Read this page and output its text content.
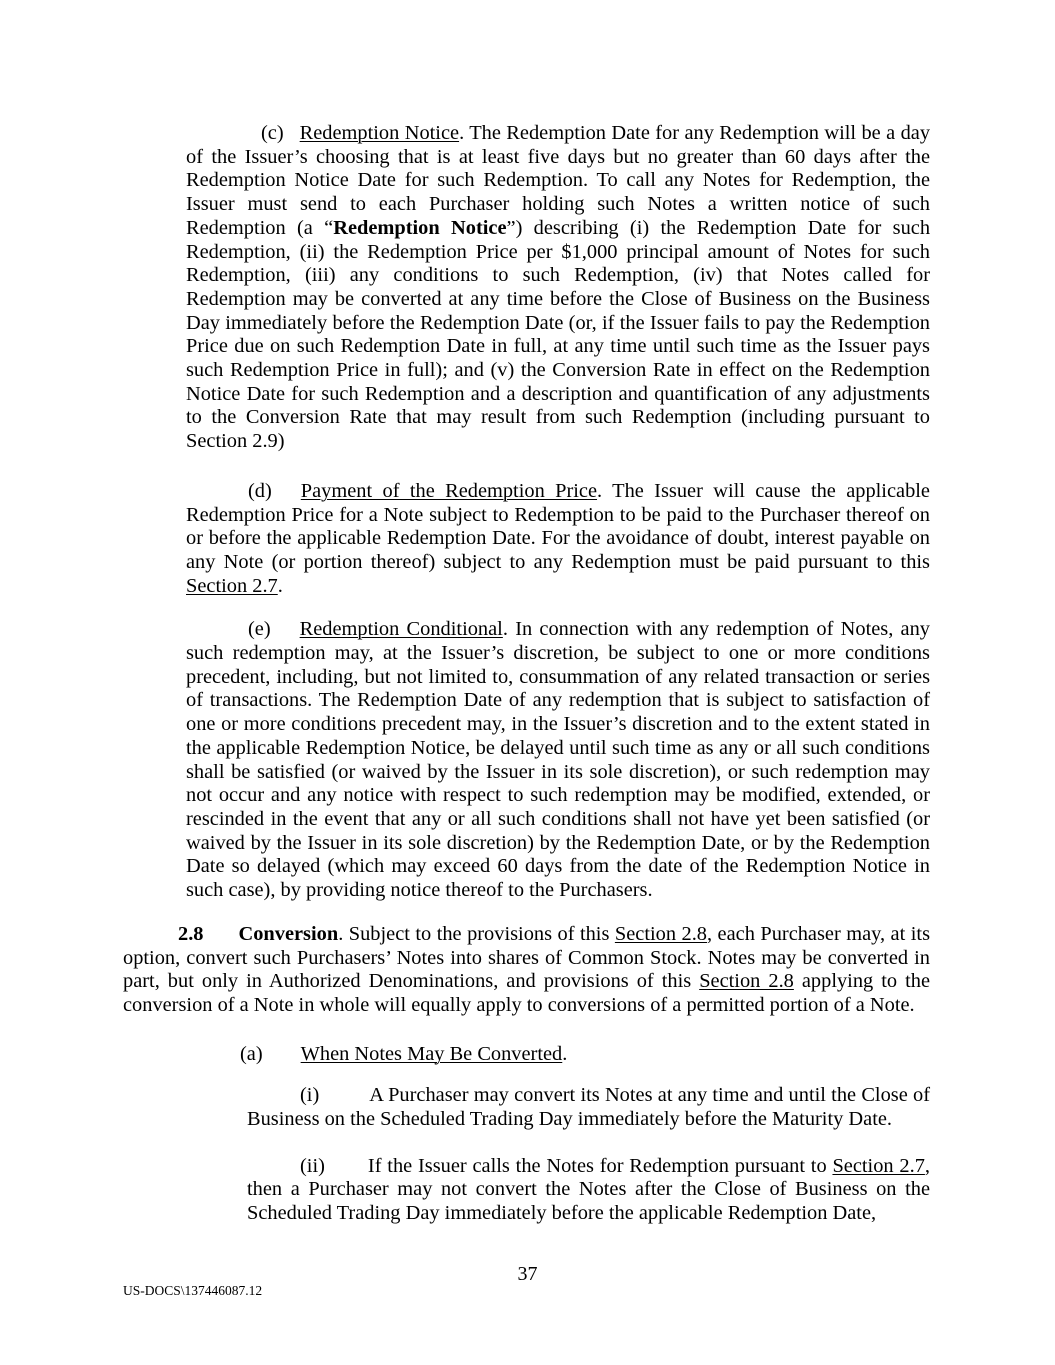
(c) Redemption Notice. The Redemption Date for any Redemption will be a day of the Issuer’s choosing that is at least five days but no greater than 60 days after the Redemption Notice Date for such Redemption. To call any Notes for Redemption, the Issuer must send to each Purchaser holding such Notes a written notice of such Redemption (a “Redemption Notice”) describing (i) the Redemption Date for such Redemption, (ii) the Redemption Price per $1,000 principal amount of Notes for such Redemption, (iii) any conditions to such Redemption, (iv) that Notes called for Redemption may be converted at any time before the Close of Business on the Business Day immediately before the Redemption Date (or, if the Issuer fails to pay the Redemption Price due on such Redemption Date in full, at any time until such time as the Issuer pays such Redemption Price in full); and (v) the Conversion Rate in effect on the Redemption Notice Date for such Redemption and a description and quantification of any adjustments to the Conversion Rate that may result from such Redemption (including pursuant to Section 2.9)

(d) Payment of the Redemption Price. The Issuer will cause the applicable Redemption Price for a Note subject to Redemption to be paid to the Purchaser thereof on or before the applicable Redemption Date. For the avoidance of doubt, interest payable on any Note (or portion thereof) subject to any Redemption must be paid pursuant to this Section 2.7.

(e) Redemption Conditional. In connection with any redemption of Notes, any such redemption may, at the Issuer’s discretion, be subject to one or more conditions precedent, including, but not limited to, consummation of any related transaction or series of transactions. The Redemption Date of any redemption that is subject to satisfaction of one or more conditions precedent may, in the Issuer’s discretion and to the extent stated in the applicable Redemption Notice, be delayed until such time as any or all such conditions shall be satisfied (or waived by the Issuer in its sole discretion), or such redemption may not occur and any notice with respect to such redemption may be modified, extended, or rescinded in the event that any or all such conditions shall not have yet been satisfied (or waived by the Issuer in its sole discretion) by the Redemption Date, or by the Redemption Date so delayed (which may exceed 60 days from the date of the Redemption Notice in such case), by providing notice thereof to the Purchasers.

2.8 Conversion. Subject to the provisions of this Section 2.8, each Purchaser may, at its option, convert such Purchasers’ Notes into shares of Common Stock. Notes may be converted in part, but only in Authorized Denominations, and provisions of this Section 2.8 applying to the conversion of a Note in whole will equally apply to conversions of a permitted portion of a Note.

(a) When Notes May Be Converted.

(i) A Purchaser may convert its Notes at any time and until the Close of Business on the Scheduled Trading Day immediately before the Maturity Date.

(ii) If the Issuer calls the Notes for Redemption pursuant to Section 2.7, then a Purchaser may not convert the Notes after the Close of Business on the Scheduled Trading Day immediately before the applicable Redemption Date,

37
US-DOCS\137446087.12
